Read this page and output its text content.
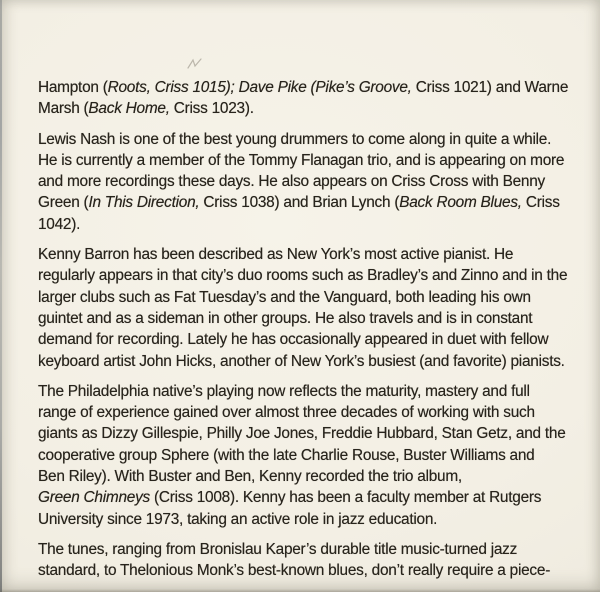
Hampton (Roots, Criss 1015); Dave Pike (Pike’s Groove, Criss 1021) and Warne
Marsh (Back Home, Criss 1023).

Lewis Nash is one of the best young drummers to come along in quite a while.
He is currently a member of the Tommy Flanagan trio, and is appearing on more
and more recordings these days. He also appears on Criss Cross with Benny
Green (In This Direction, Criss 1038) and Brian Lynch (Back Room Blues, Criss
1042).

Kenny Barron has been described as New York’s most active pianist. He
regularly appears in that city’s duo rooms such as Bradley’s and Zinno and in the
larger clubs such as Fat Tuesday’s and the Vanguard, both leading his own
guintet and as a sideman in other groups. He also travels and is in constant
demand for recording. Lately he has occasionally appeared in duet with fellow
keyboard artist John Hicks, another of New York’s busiest (and favorite) pianists.

The Philadelphia native’s playing now reflects the maturity, mastery and full
range of experience gained over almost three decades of working with such
giants as Dizzy Gillespie, Philly Joe Jones, Freddie Hubbard, Stan Getz, and the
cooperative group Sphere (with the late Charlie Rouse, Buster Williams and
Ben Riley). With Buster and Ben, Kenny recorded the trio album,
Green Chimneys (Criss 1008). Kenny has been a faculty member at Rutgers
University since 1973, taking an active role in jazz education.

The tunes, ranging from Bronislau Kaper’s durable title music-turned jazz
standard, to Thelonious Monk’s best-known blues, don’t really require a piece-
